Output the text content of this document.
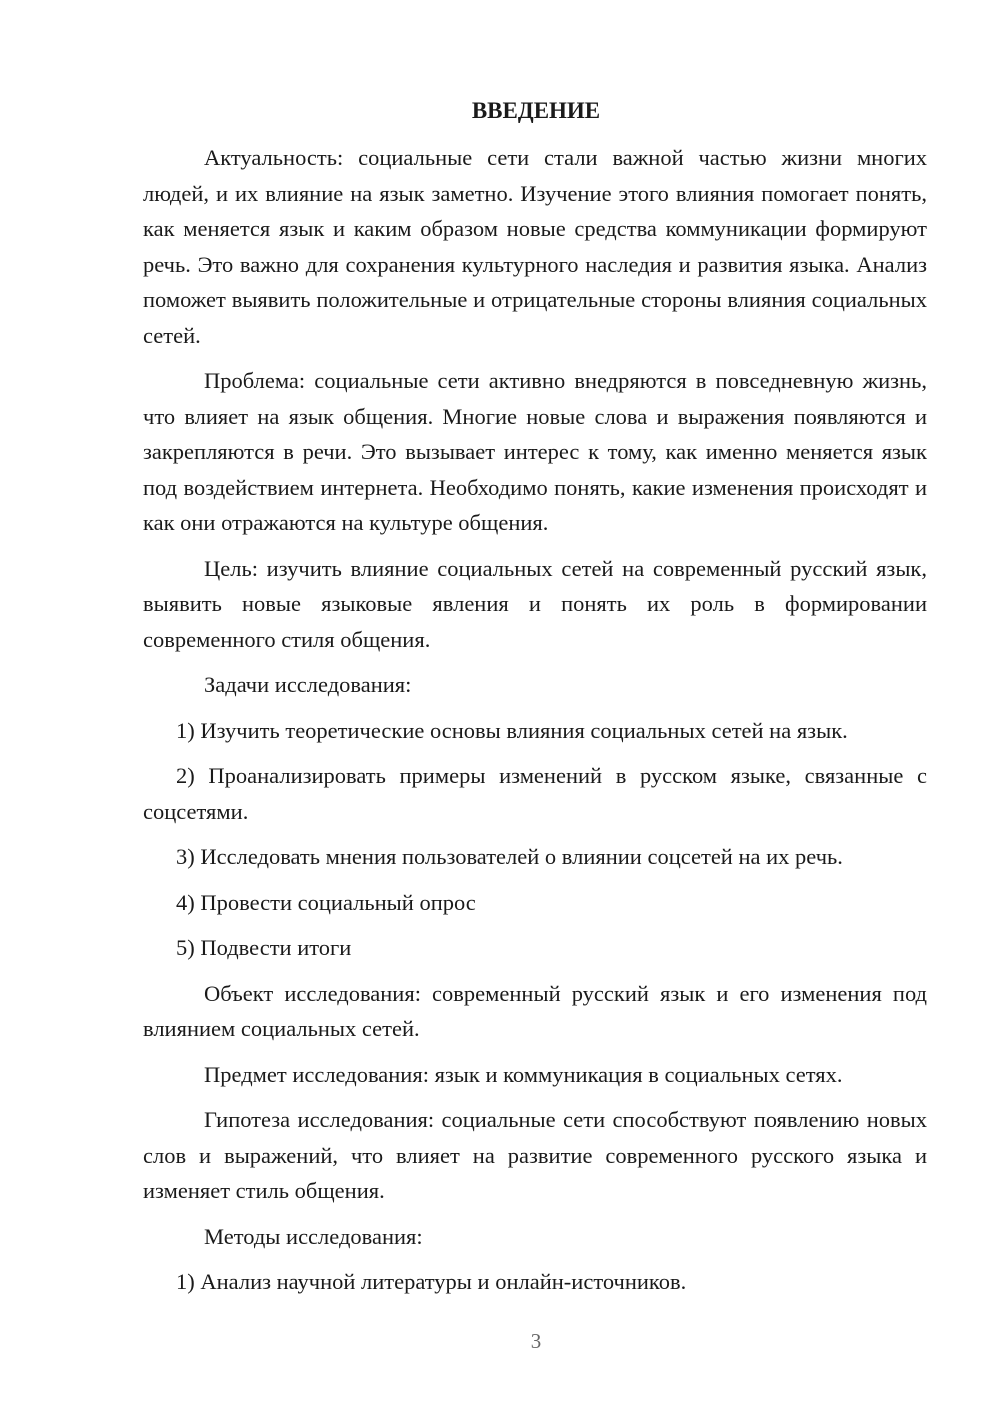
ВВЕДЕНИЕ

Актуальность: социальные сети стали важной частью жизни многих людей, и их влияние на язык заметно. Изучение этого влияния помогает понять, как меняется язык и каким образом новые средства коммуникации формируют речь. Это важно для сохранения культурного наследия и развития языка. Анализ поможет выявить положительные и отрицательные стороны влияния социальных сетей.

Проблема: социальные сети активно внедряются в повседневную жизнь, что влияет на язык общения. Многие новые слова и выражения появляются и закрепляются в речи. Это вызывает интерес к тому, как именно меняется язык под воздействием интернета. Необходимо понять, какие изменения происходят и как они отражаются на культуре общения.

Цель: изучить влияние социальных сетей на современный русский язык, выявить новые языковые явления и понять их роль в формировании современного стиля общения.

Задачи исследования:

1) Изучить теоретические основы влияния социальных сетей на язык.

2) Проанализировать примеры изменений в русском языке, связанные с соцсетями.

3) Исследовать мнения пользователей о влиянии соцсетей на их речь.

4) Провести социальный опрос

5) Подвести итоги

Объект исследования: современный русский язык и его изменения под влиянием социальных сетей.

Предмет исследования: язык и коммуникация в социальных сетях.

Гипотеза исследования: социальные сети способствуют появлению новых слов и выражений, что влияет на развитие современного русского языка и изменяет стиль общения.

Методы исследования:

1) Анализ научной литературы и онлайн-источников.

3
